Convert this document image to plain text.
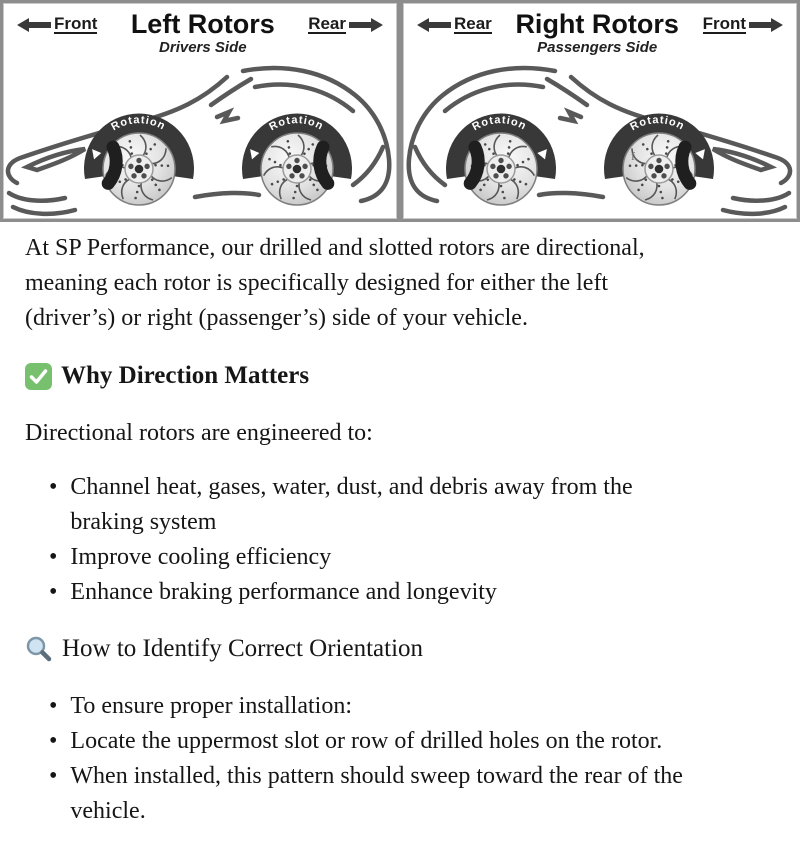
Front	Left Rotors
Drivers Side
Rear
Rotation	Rotation
Rear Right Rotors
Passengers Side
Front
Rotation	Rotation
f

At SP Performance, our drilled and slotted rotors are directional,
meaning each rotor is specifically designed for either the left
(driver’s) or right (passenger’s) side of your vehicle.

Why Direction Matters

Directional rotors are engineered to:

• Channel heat, gases, water, dust, and debris away from the
braking system
• Improve cooling efficiency
• Enhance braking performance and longevity
How to Identify Correct Orientation
• To ensure proper installation:
• Locate the uppermost slot or row of drilled holes on the rotor.
• When installed, this pattern should sweep toward the rear of the
vehicle.
